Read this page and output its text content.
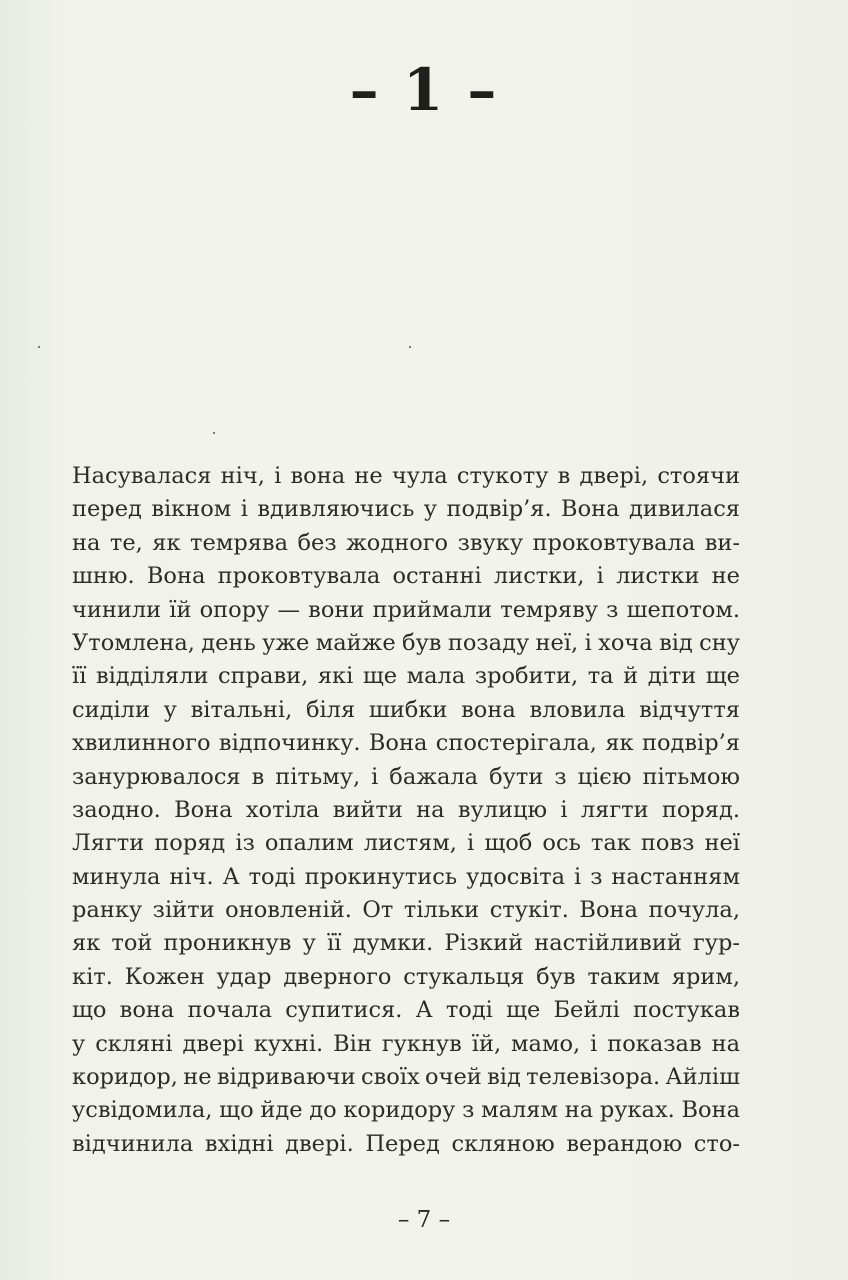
– 1 –

Насувалася ніч, і вона не чула стукоту в двері, стоячи
перед вікном і вдивляючись у подвір’я. Вона дивилася
на те, як темрява без жодного звуку проковтувала ви-
шню. Вона проковтувала останні листки, і листки не
чинили їй опору — вони приймали темряву з шепотом.
Утомлена, день уже майже був позаду неї, і хоча від сну
її відділяли справи, які ще мала зробити, та й діти ще
сиділи у вітальні, біля шибки вона вловила відчуття
хвилинного відпочинку. Вона спостерігала, як подвір’я
занурювалося в пітьму, і бажала бути з цією пітьмою
заодно. Вона хотіла вийти на вулицю і лягти поряд.
Лягти поряд із опалим листям, і щоб ось так повз неї
минула ніч. А тоді прокинутись удосвіта і з настанням
ранку зійти оновленій. От тільки стукіт. Вона почула,
як той проникнув у її думки. Різкий настійливий гур-
кіт. Кожен удар дверного стукальця був таким ярим,
що вона почала супитися. А тоді ще Бейлі постукав
у скляні двері кухні. Він гукнув їй, мамо, і показав на
коридор, не відриваючи своїх очей від телевізора. Айліш
усвідомила, що йде до коридору з малям на руках. Вона
відчинила вхідні двері. Перед скляною верандою сто-

– 7 –
